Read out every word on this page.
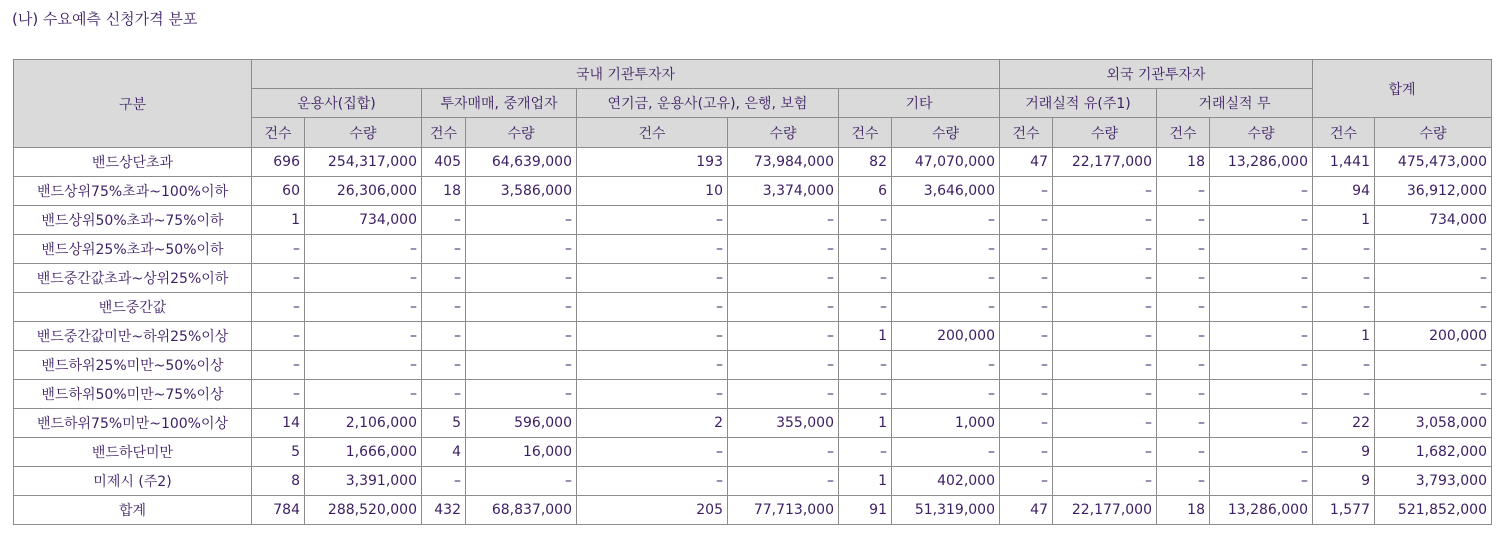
(나) 수요예측 신청가격 분포
구분	국내 기관투자자								외국 기관투자자				합계	
	운용사(집합)		투자매매, 중개업자		연기금, 운용사(고유), 은행, 보험		기타		거래실적 유(주1)		거래실적 무			
	건수	수량	건수	수량	건수	수량	건수	수량	건수	수량	건수	수량	건수	수량
밴드상단초과	696	254,317,000	405	64,639,000	193	73,984,000	82	47,070,000	47	22,177,000	18	13,286,000	1,441	475,473,000
밴드상위75%초과~100%이하	60	26,306,000	18	3,586,000	10	3,374,000	6	3,646,000	–	–	–	–	94	36,912,000
밴드상위50%초과~75%이하	1	734,000	–	–	–	–	–	–	–	–	–	–	1	734,000
밴드상위25%초과~50%이하	–	–	–	–	–	–	–	–	–	–	–	–	–	–
밴드중간값초과~상위25%이하	–	–	–	–	–	–	–	–	–	–	–	–	–	–
밴드중간값	–	–	–	–	–	–	–	–	–	–	–	–	–	–
밴드중간값미만~하위25%이상	–	–	–	–	–	–	1	200,000	–	–	–	–	1	200,000
밴드하위25%미만~50%이상	–	–	–	–	–	–	–	–	–	–	–	–	–	–
밴드하위50%미만~75%이상	–	–	–	–	–	–	–	–	–	–	–	–	–	–
밴드하위75%미만~100%이상	14	2,106,000	5	596,000	2	355,000	1	1,000	–	–	–	–	22	3,058,000
밴드하단미만	5	1,666,000	4	16,000	–	–	–	–	–	–	–	–	9	1,682,000
미제시 (주2)	8	3,391,000	–	–	–	–	1	402,000	–	–	–	–	9	3,793,000
합계	784	288,520,000	432	68,837,000	205	77,713,000	91	51,319,000	47	22,177,000	18	13,286,000	1,577	521,852,000
